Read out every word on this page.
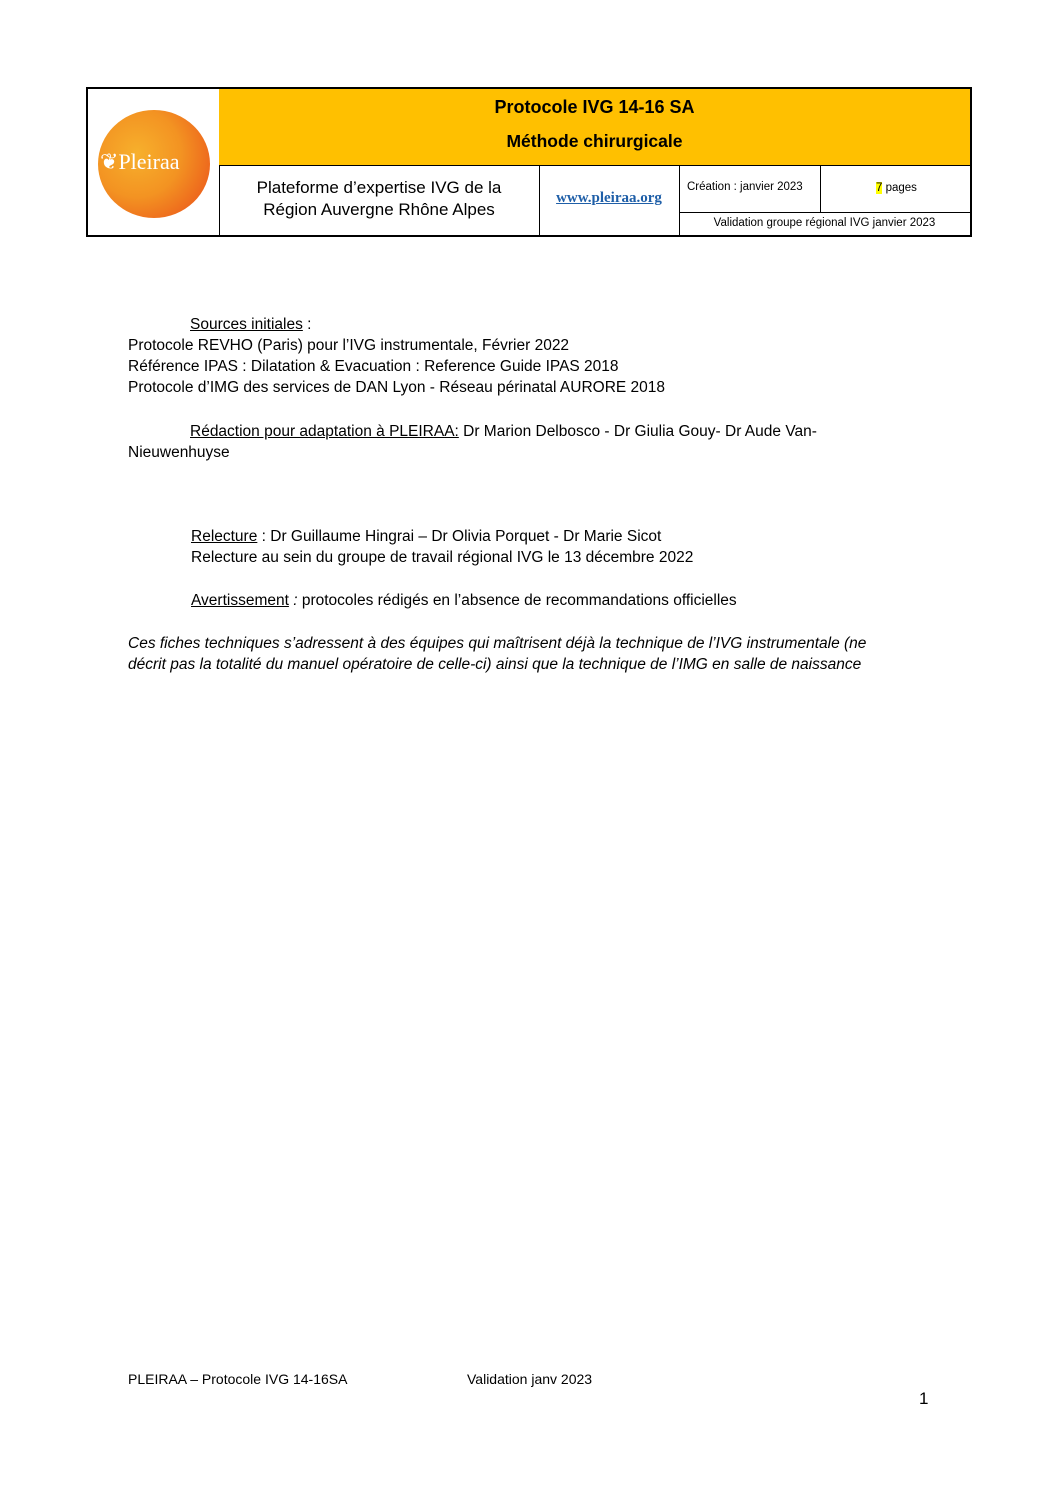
❦Pleiraa
Protocole IVG 14-16 SA
Méthode chirurgicale
Plateforme d’expertise IVG de la
Région Auvergne Rhône Alpes
www.pleiraa.org
Création : janvier 2023	7 pages
Validation groupe régional IVG janvier 2023
Sources initiales :
Protocole REVHO (Paris) pour l’IVG instrumentale, Février 2022
Référence IPAS : Dilatation & Evacuation : Reference Guide IPAS 2018
Protocole d’IMG des services de DAN Lyon - Réseau périnatal AURORE 2018
Rédaction pour adaptation à PLEIRAA: Dr Marion Delbosco - Dr Giulia Gouy- Dr Aude Van-
Nieuwenhuyse
Relecture : Dr Guillaume Hingrai – Dr Olivia Porquet - Dr Marie Sicot
Relecture au sein du groupe de travail régional IVG le 13 décembre 2022
Avertissement : protocoles rédigés en l’absence de recommandations officielles
Ces fiches techniques s’adressent à des équipes qui maîtrisent déjà la technique de l’IVG instrumentale (ne
décrit pas la totalité du manuel opératoire de celle-ci) ainsi que la technique de l’IMG en salle de naissance
PLEIRAA – Protocole IVG 14-16SA	Validation janv 2023
1
